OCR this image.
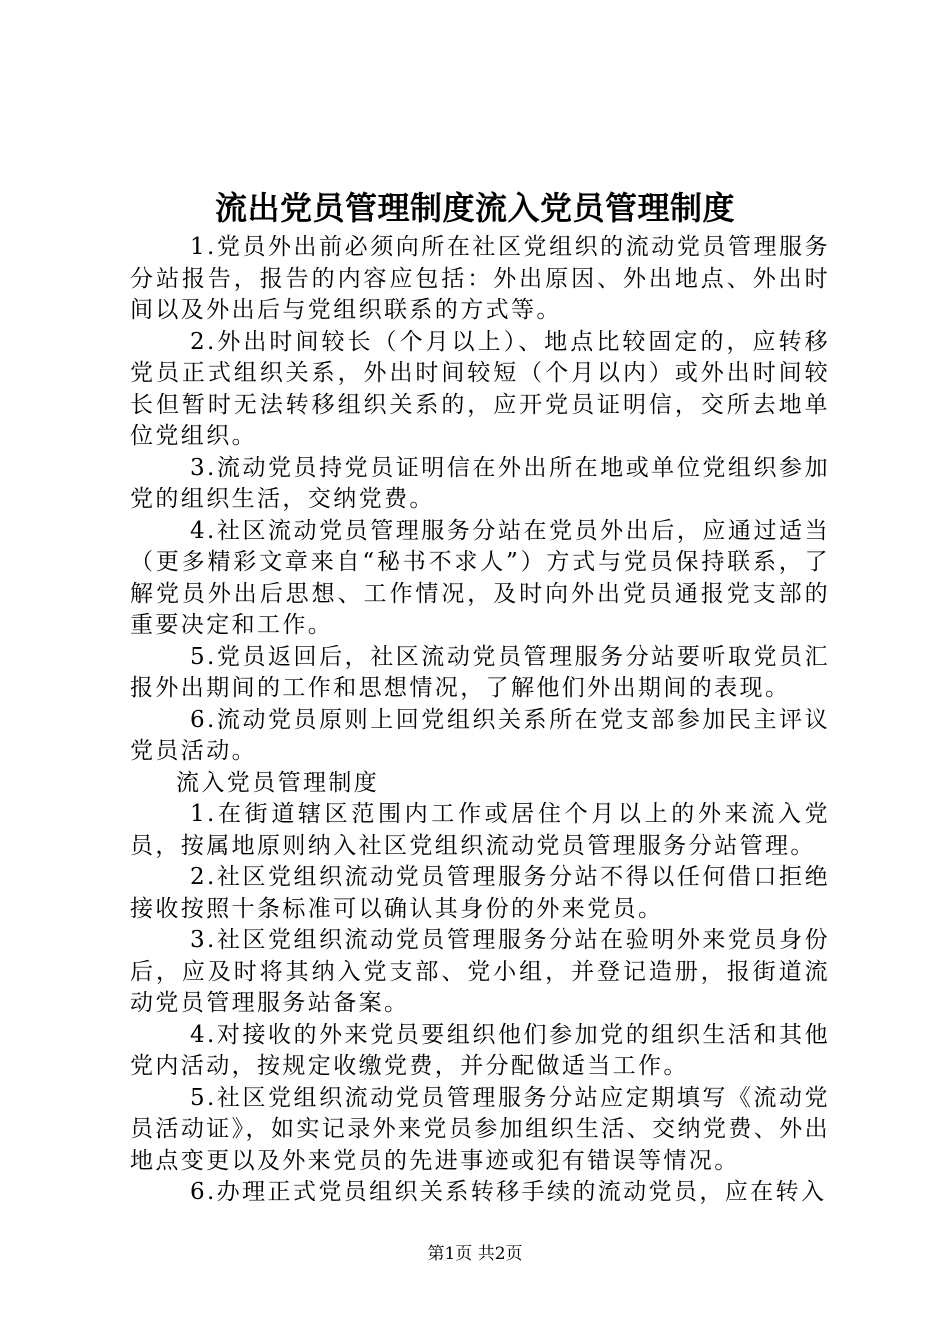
流出党员管理制度流入党员管理制度

1.党员外出前必须向所在社区党组织的流动党员管理服务分站报告，报告的内容应包括：外出原因、外出地点、外出时间以及外出后与党组织联系的方式等。

2.外出时间较长（个月以上）、地点比较固定的，应转移党员正式组织关系，外出时间较短（个月以内）或外出时间较长但暂时无法转移组织关系的，应开党员证明信，交所去地单位党组织。

3.流动党员持党员证明信在外出所在地或单位党组织参加党的组织生活，交纳党费。

4.社区流动党员管理服务分站在党员外出后，应通过适当（更多精彩文章来自“秘书不求人”）方式与党员保持联系，了解党员外出后思想、工作情况，及时向外出党员通报党支部的重要决定和工作。

5.党员返回后，社区流动党员管理服务分站要听取党员汇报外出期间的工作和思想情况，了解他们外出期间的表现。

6.流动党员原则上回党组织关系所在党支部参加民主评议党员活动。

流入党员管理制度

1.在街道辖区范围内工作或居住个月以上的外来流入党员，按属地原则纳入社区党组织流动党员管理服务分站管理。

2.社区党组织流动党员管理服务分站不得以任何借口拒绝接收按照十条标准可以确认其身份的外来党员。

3.社区党组织流动党员管理服务分站在验明外来党员身份后，应及时将其纳入党支部、党小组，并登记造册，报街道流动党员管理服务站备案。

4.对接收的外来党员要组织他们参加党的组织生活和其他党内活动，按规定收缴党费，并分配做适当工作。

5.社区党组织流动党员管理服务分站应定期填写《流动党员活动证》，如实记录外来党员参加组织生活、交纳党费、外出地点变更以及外来党员的先进事迹或犯有错误等情况。

6.办理正式党员组织关系转移手续的流动党员，应在转入

第1页 共2页
